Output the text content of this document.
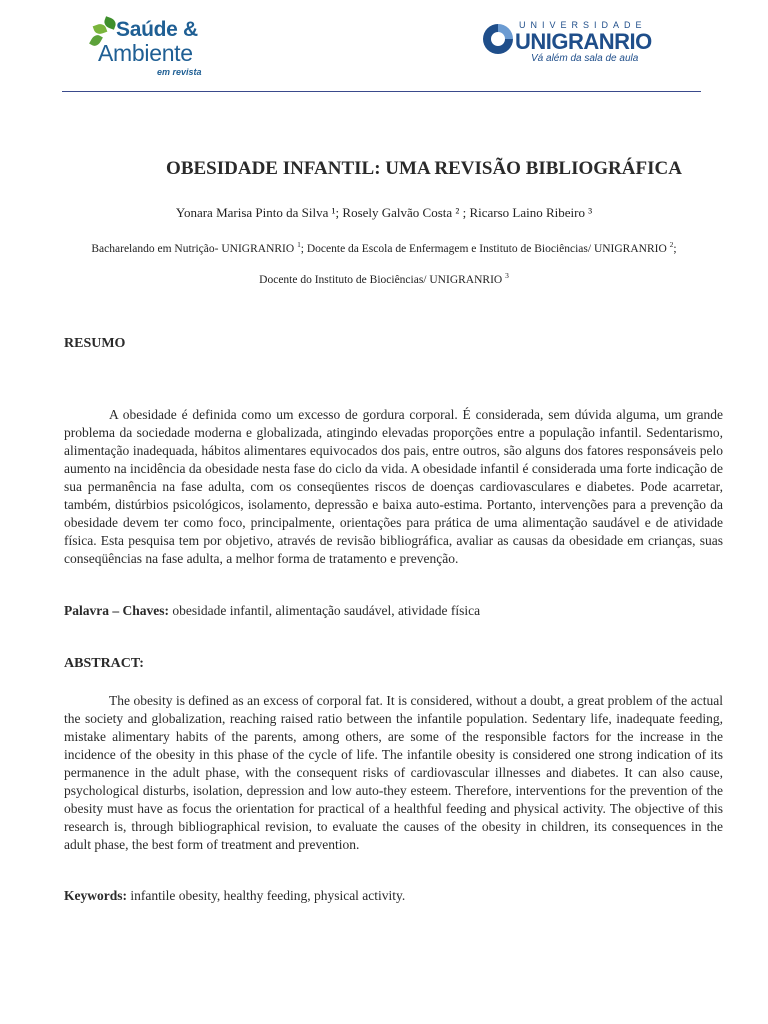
Saúde &
Ambiente
em revista
UNIVERSIDADE
UNIGRANRIO
Vá além da sala de aula
OBESIDADE INFANTIL: UMA REVISÃO BIBLIOGRÁFICA
Yonara Marisa Pinto da Silva ¹; Rosely Galvão Costa ² ; Ricarso Laino Ribeiro ³
Bacharelando em Nutrição- UNIGRANRIO $^1$; Docente da Escola de Enfermagem e Instituto de Biociências/ UNIGRANRIO $^2$;
Docente do Instituto de Biociências/ UNIGRANRIO $^3$
RESUMO

A obesidade é definida como um excesso de gordura corporal. É considerada, sem dúvida alguma, um grande problema da sociedade moderna e globalizada, atingindo elevadas proporções entre a população infantil. Sedentarismo, alimentação inadequada, hábitos alimentares equivocados dos pais, entre outros, são alguns dos fatores responsáveis pelo aumento na incidência da obesidade nesta fase do ciclo da vida. A obesidade infantil é considerada uma forte indicação de sua permanência na fase adulta, com os conseqüentes riscos de doenças cardiovasculares e diabetes. Pode acarretar, também, distúrbios psicológicos, isolamento, depressão e baixa auto-estima. Portanto, intervenções para a prevenção da obesidade devem ter como foco, principalmente, orientações para prática de uma alimentação saudável e de atividade física. Esta pesquisa tem por objetivo, através de revisão bibliográfica, avaliar as causas da obesidade em crianças, suas conseqüências na fase adulta, a melhor forma de tratamento e prevenção.

Palavra – Chaves: obesidade infantil, alimentação saudável, atividade física
ABSTRACT:

The obesity is defined as an excess of corporal fat. It is considered, without a doubt, a great problem of the actual the society and globalization, reaching raised ratio between the infantile population. Sedentary life, inadequate feeding, mistake alimentary habits of the parents, among others, are some of the responsible factors for the increase in the incidence of the obesity in this phase of the cycle of life. The infantile obesity is considered one strong indication of its permanence in the adult phase, with the consequent risks of cardiovascular illnesses and diabetes. It can also cause, psychological disturbs, isolation, depression and low auto-they esteem. Therefore, interventions for the prevention of the obesity must have as focus the orientation for practical of a healthful feeding and physical activity. The objective of this research is, through bibliographical revision, to evaluate the causes of the obesity in children, its consequences in the adult phase, the best form of treatment and prevention.

Keywords: infantile obesity, healthy feeding, physical activity.
